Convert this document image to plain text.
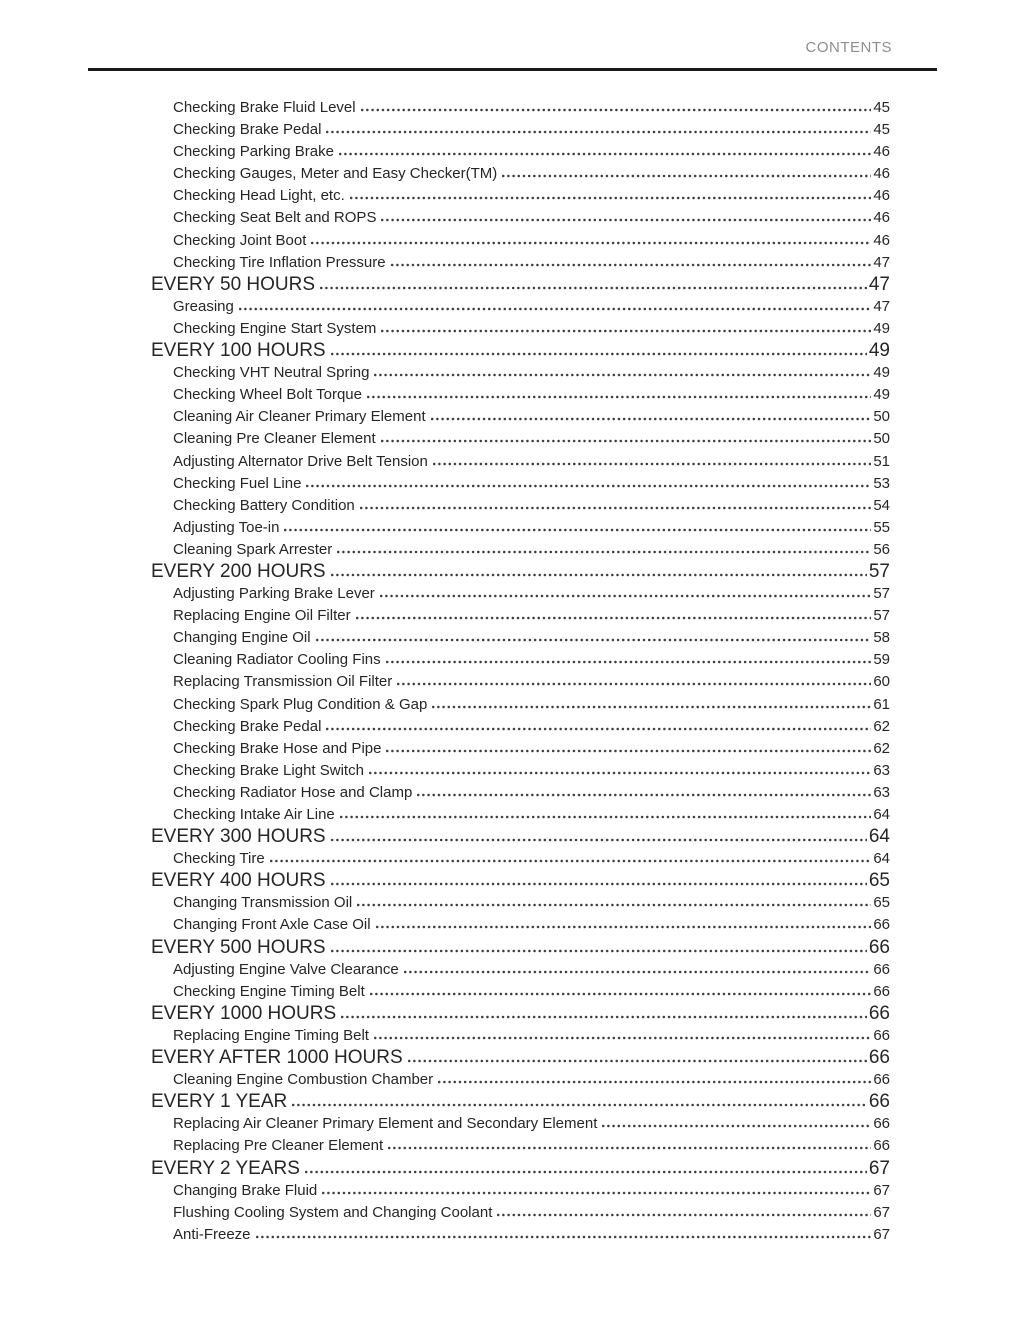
CONTENTS
Checking Brake Fluid Level	45
Checking Brake Pedal	45
Checking Parking Brake	46
Checking Gauges, Meter and Easy Checker(TM)	46
Checking Head Light, etc.	46
Checking Seat Belt and ROPS	46
Checking Joint Boot	46
Checking Tire Inflation Pressure	47
EVERY 50 HOURS	47
Greasing	47
Checking Engine Start System	49
EVERY 100 HOURS	49
Checking VHT Neutral Spring	49
Checking Wheel Bolt Torque	49
Cleaning Air Cleaner Primary Element	50
Cleaning Pre Cleaner Element	50
Adjusting Alternator Drive Belt Tension	51
Checking Fuel Line	53
Checking Battery Condition	54
Adjusting Toe-in	55
Cleaning Spark Arrester	56
EVERY 200 HOURS	57
Adjusting Parking Brake Lever	57
Replacing Engine Oil Filter	57
Changing Engine Oil	58
Cleaning Radiator Cooling Fins	59
Replacing Transmission Oil Filter	60
Checking Spark Plug Condition & Gap	61
Checking Brake Pedal	62
Checking Brake Hose and Pipe	62
Checking Brake Light Switch	63
Checking Radiator Hose and Clamp	63
Checking Intake Air Line	64
EVERY 300 HOURS	64
Checking Tire	64
EVERY 400 HOURS	65
Changing Transmission Oil	65
Changing Front Axle Case Oil	66
EVERY 500 HOURS	66
Adjusting Engine Valve Clearance	66
Checking Engine Timing Belt	66
EVERY 1000 HOURS	66
Replacing Engine Timing Belt	66
EVERY AFTER 1000 HOURS	66
Cleaning Engine Combustion Chamber	66
EVERY 1 YEAR	66
Replacing Air Cleaner Primary Element and Secondary Element	66
Replacing Pre Cleaner Element	66
EVERY 2 YEARS	67
Changing Brake Fluid	67
Flushing Cooling System and Changing Coolant	67
Anti-Freeze	67
